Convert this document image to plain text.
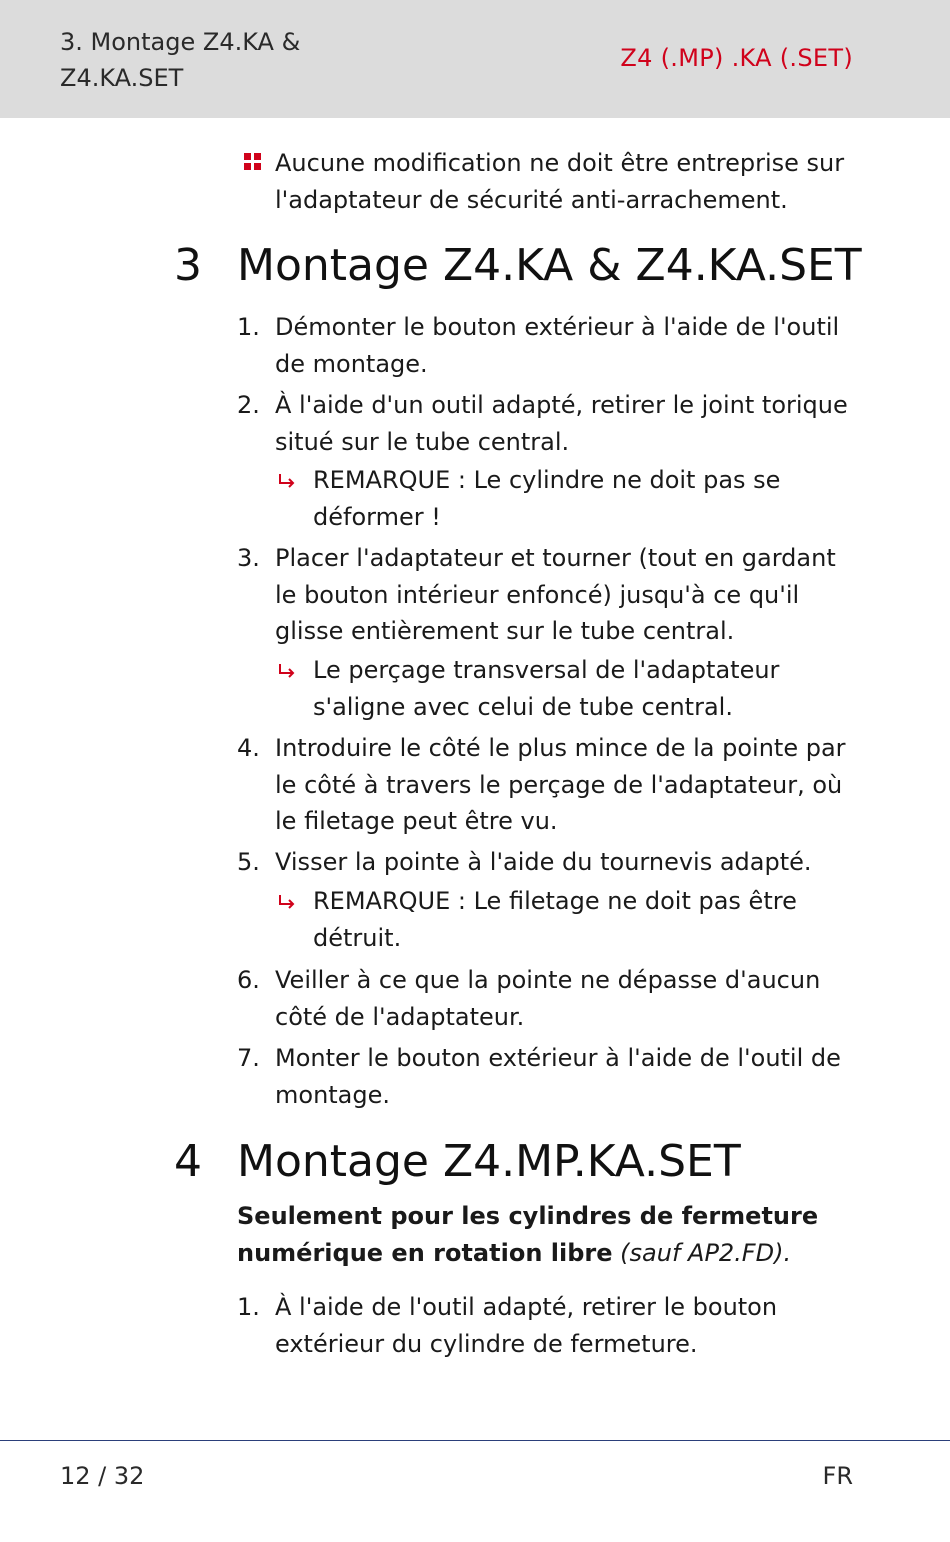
3. Montage Z4.KA & Z4.KA.SET
Z4 (.MP) .KA (.SET)

Aucune modification ne doit être entreprise sur l'adaptateur de sécurité anti-arrachement.

3 Montage Z4.KA & Z4.KA.SET
1. Démonter le bouton extérieur à l'aide de l'outil de montage.

2. À l'aide d'un outil adapté, retirer le joint torique situé sur le tube central.

REMARQUE : Le cylindre ne doit pas se déformer !

3. Placer l'adaptateur et tourner (tout en gardant le bouton intérieur enfoncé) jusqu'à ce qu'il glisse entièrement sur le tube central.

Le perçage transversal de l'adaptateur s'aligne avec celui de tube central.

4. Introduire le côté le plus mince de la pointe par le côté à travers le perçage de l'adaptateur, où le filetage peut être vu.

5. Visser la pointe à l'aide du tournevis adapté.

REMARQUE : Le filetage ne doit pas être détruit.

6. Veiller à ce que la pointe ne dépasse d'aucun côté de l'adaptateur.

7. Monter le bouton extérieur à l'aide de l'outil de montage.

4 Montage Z4.MP.KA.SET

Seulement pour les cylindres de fermeture numérique en rotation libre (sauf AP2.FD).

1. À l'aide de l'outil adapté, retirer le bouton extérieur du cylindre de fermeture.

12 / 32	FR
